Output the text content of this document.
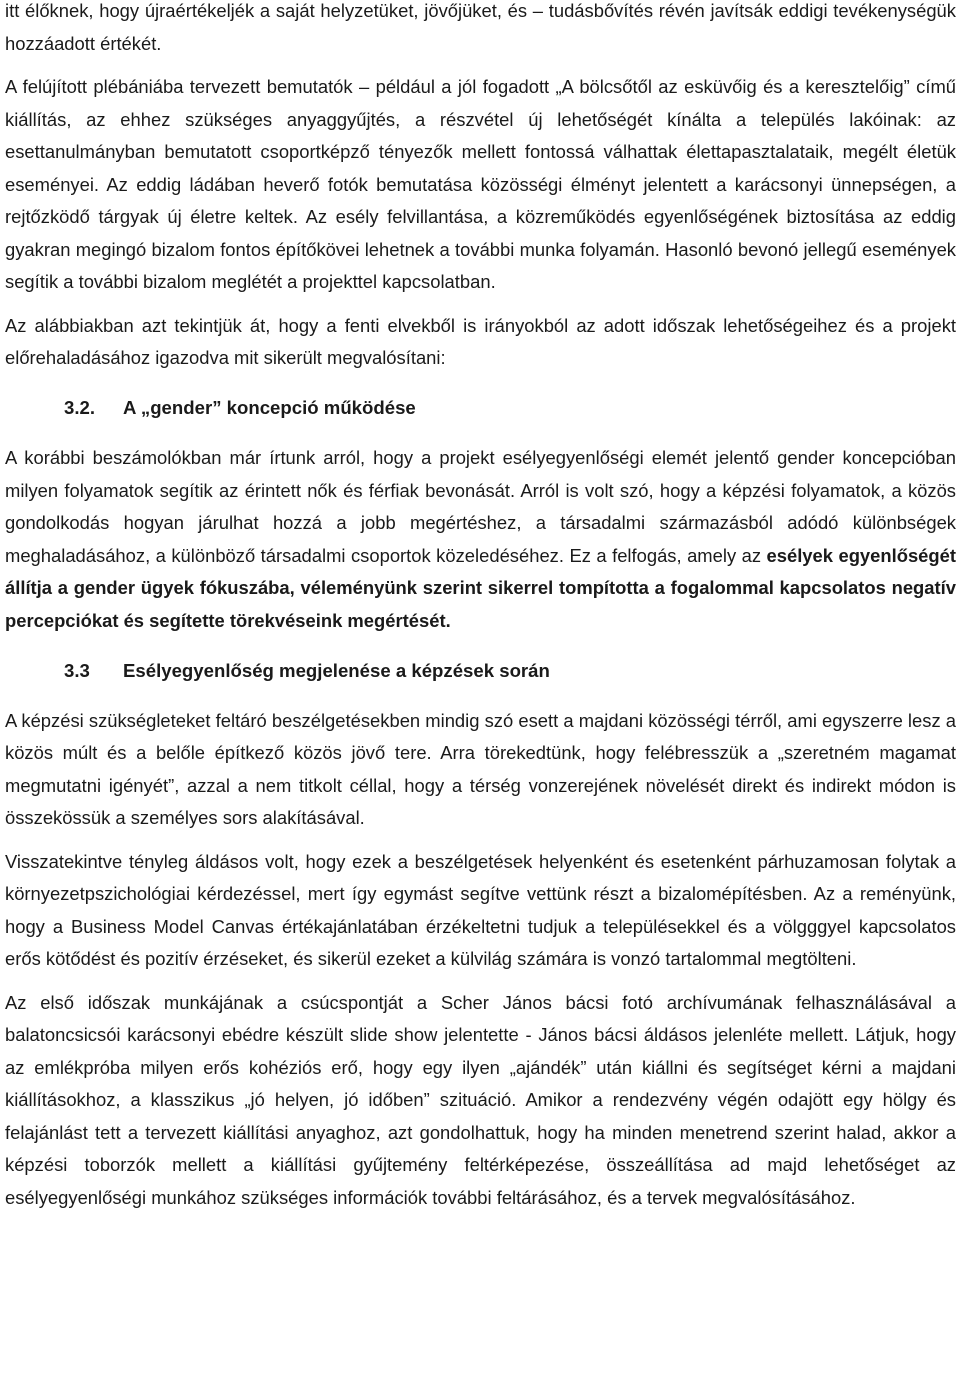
itt élőknek, hogy újraértékeljék a saját helyzetüket, jövőjüket, és – tudásbővítés révén javítsák eddigi tevékenységük hozzáadott értékét.

A felújított plébániába tervezett bemutatók – például a jól fogadott „A bölcsőtől az esküvőig és a keresztelőig” című kiállítás, az ehhez szükséges anyaggyűjtés, a részvétel új lehetőségét kínálta a település lakóinak: az esettanulmányban bemutatott csoportképző tényezők mellett fontossá válhattak élettapasztalataik, megélt életük eseményei. Az eddig ládában heverő fotók bemutatása közösségi élményt jelentett a karácsonyi ünnepségen, a rejtőzködő tárgyak új életre keltek. Az esély felvillantása, a közreműködés egyenlőségének biztosítása az eddig gyakran megingó bizalom fontos építőkövei lehetnek a további munka folyamán. Hasonló bevonó jellegű események segítik a további bizalom meglétét a projekttel kapcsolatban.

Az alábbiakban azt tekintjük át, hogy a fenti elvekből is irányokból az adott időszak lehetőségeihez és a projekt előrehaladásához igazodva mit sikerült megvalósítani:

3.2. A „gender” koncepció működése

A korábbi beszámolókban már írtunk arról, hogy a projekt esélyegyenlőségi elemét jelentő gender koncepcióban milyen folyamatok segítik az érintett nők és férfiak bevonását. Arról is volt szó, hogy a képzési folyamatok, a közös gondolkodás hogyan járulhat hozzá a jobb megértéshez, a társadalmi származásból adódó különbségek meghaladásához, a különböző társadalmi csoportok közeledéséhez. Ez a felfogás, amely az esélyek egyenlőségét állítja a gender ügyek fókuszába, véleményünk szerint sikerrel tompította a fogalommal kapcsolatos negatív percepciókat és segítette törekvéseink megértését.

3.3 Esélyegyenlőség megjelenése a képzések során

A képzési szükségleteket feltáró beszélgetésekben mindig szó esett a majdani közösségi térről, ami egyszerre lesz a közös múlt és a belőle építkező közös jövő tere. Arra törekedtünk, hogy felébresszük a „szeretném magamat megmutatni igényét”, azzal a nem titkolt céllal, hogy a térség vonzerejének növelését direkt és indirekt módon is összekössük a személyes sors alakításával.

Visszatekintve tényleg áldásos volt, hogy ezek a beszélgetések helyenként és esetenként párhuzamosan folytak a környezetpszichológiai kérdezéssel, mert így egymást segítve vettünk részt a bizalomépítésben. Az a reményünk, hogy a Business Model Canvas értékajánlatában érzékeltetni tudjuk a településekkel és a völgggyel kapcsolatos erős kötődést és pozitív érzéseket, és sikerül ezeket a külvilág számára is vonzó tartalommal megtölteni.

Az első időszak munkájának a csúcspontját a Scher János bácsi fotó archívumának felhasználásával a balatoncsicsói karácsonyi ebédre készült slide show jelentette - János bácsi áldásos jelenléte mellett. Látjuk, hogy az emlékpróba milyen erős kohéziós erő, hogy egy ilyen „ajándék” után kiállni és segítséget kérni a majdani kiállításokhoz, a klasszikus „jó helyen, jó időben” szituáció. Amikor a rendezvény végén odajött egy hölgy és felajánlást tett a tervezett kiállítási anyaghoz, azt gondolhattuk, hogy ha minden menetrend szerint halad, akkor a képzési toborzók mellett a kiállítási gyűjtemény feltérképezése, összeállítása ad majd lehetőséget az esélyegyenlőségi munkához szükséges információk további feltárásához, és a tervek megvalósításához.
